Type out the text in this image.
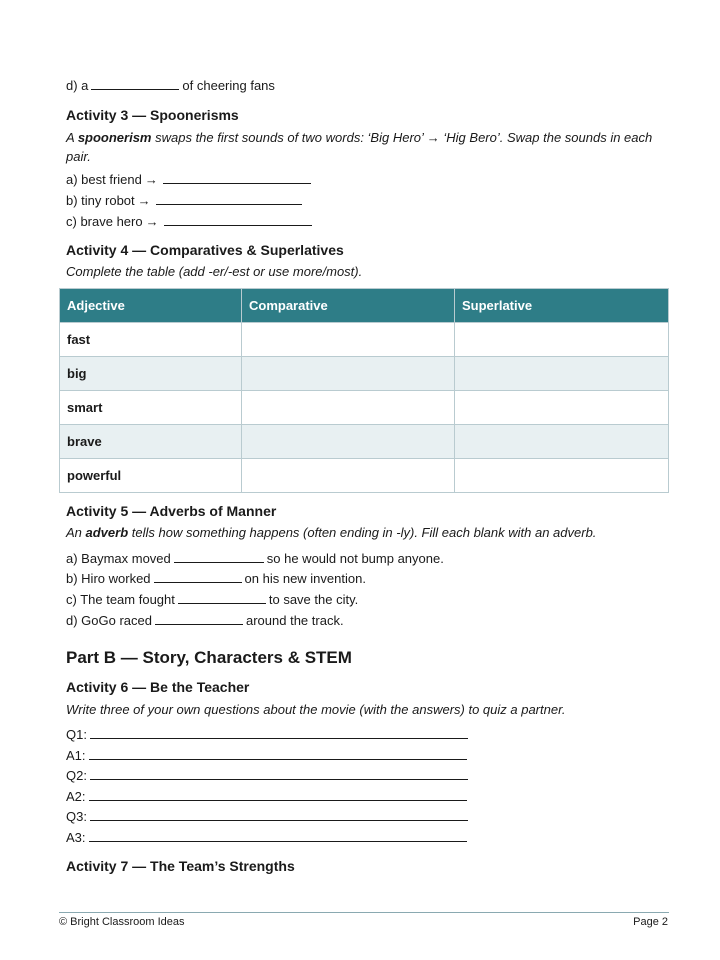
d) a	of cheering fans
Activity 3 — Spoonerisms
A spoonerism swaps the first sounds of two words: ‘Big Hero’ → ‘Hig Bero’. Swap the sounds in each pair.
a) best friend →
b) tiny robot →
c) brave hero →
Activity 4 — Comparatives & Superlatives
Complete the table (add -er/-est or use more/most).
Adjective	Comparative	Superlative
fast		
big		
smart		
brave		
powerful		
Activity 5 — Adverbs of Manner
An adverb tells how something happens (often ending in -ly). Fill each blank with an adverb.
a) Baymax moved	so he would not bump anyone.
b) Hiro worked	on his new invention.
c) The team fought	to save the city.
d) GoGo raced	around the track.
Part B — Story, Characters & STEM
Activity 6 — Be the Teacher
Write three of your own questions about the movie (with the answers) to quiz a partner.
Q1:
A1:
Q2:
A2:
Q3:
A3:
Activity 7 — The Team’s Strengths
© Bright Classroom Ideas	Page 2
